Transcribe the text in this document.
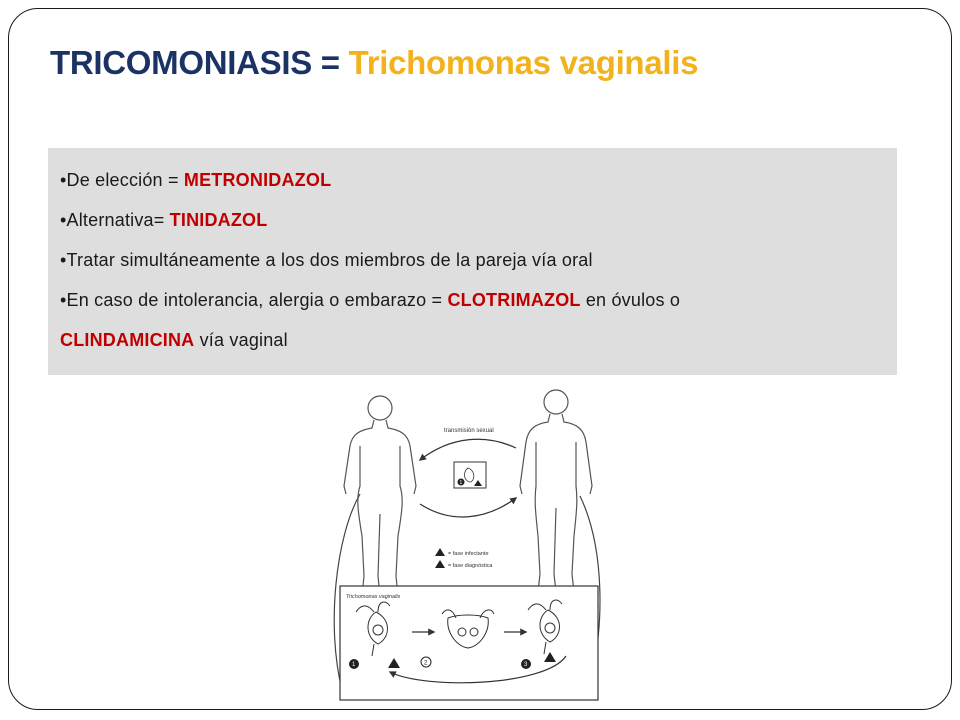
TRICOMONIASIS = Trichomonas vaginalis
•De elección = METRONIDAZOL
•Alternativa= TINIDAZOL
•Tratar simultáneamente a los dos miembros de la pareja vía oral
•En caso de intolerancia, alergia o embarazo = CLOTRIMAZOL en óvulos o
CLINDAMICINA vía vaginal
transmisión sexual
1
= fase infectante
= fase diagnóstica
Trichomonas vaginalis
1	2	3
